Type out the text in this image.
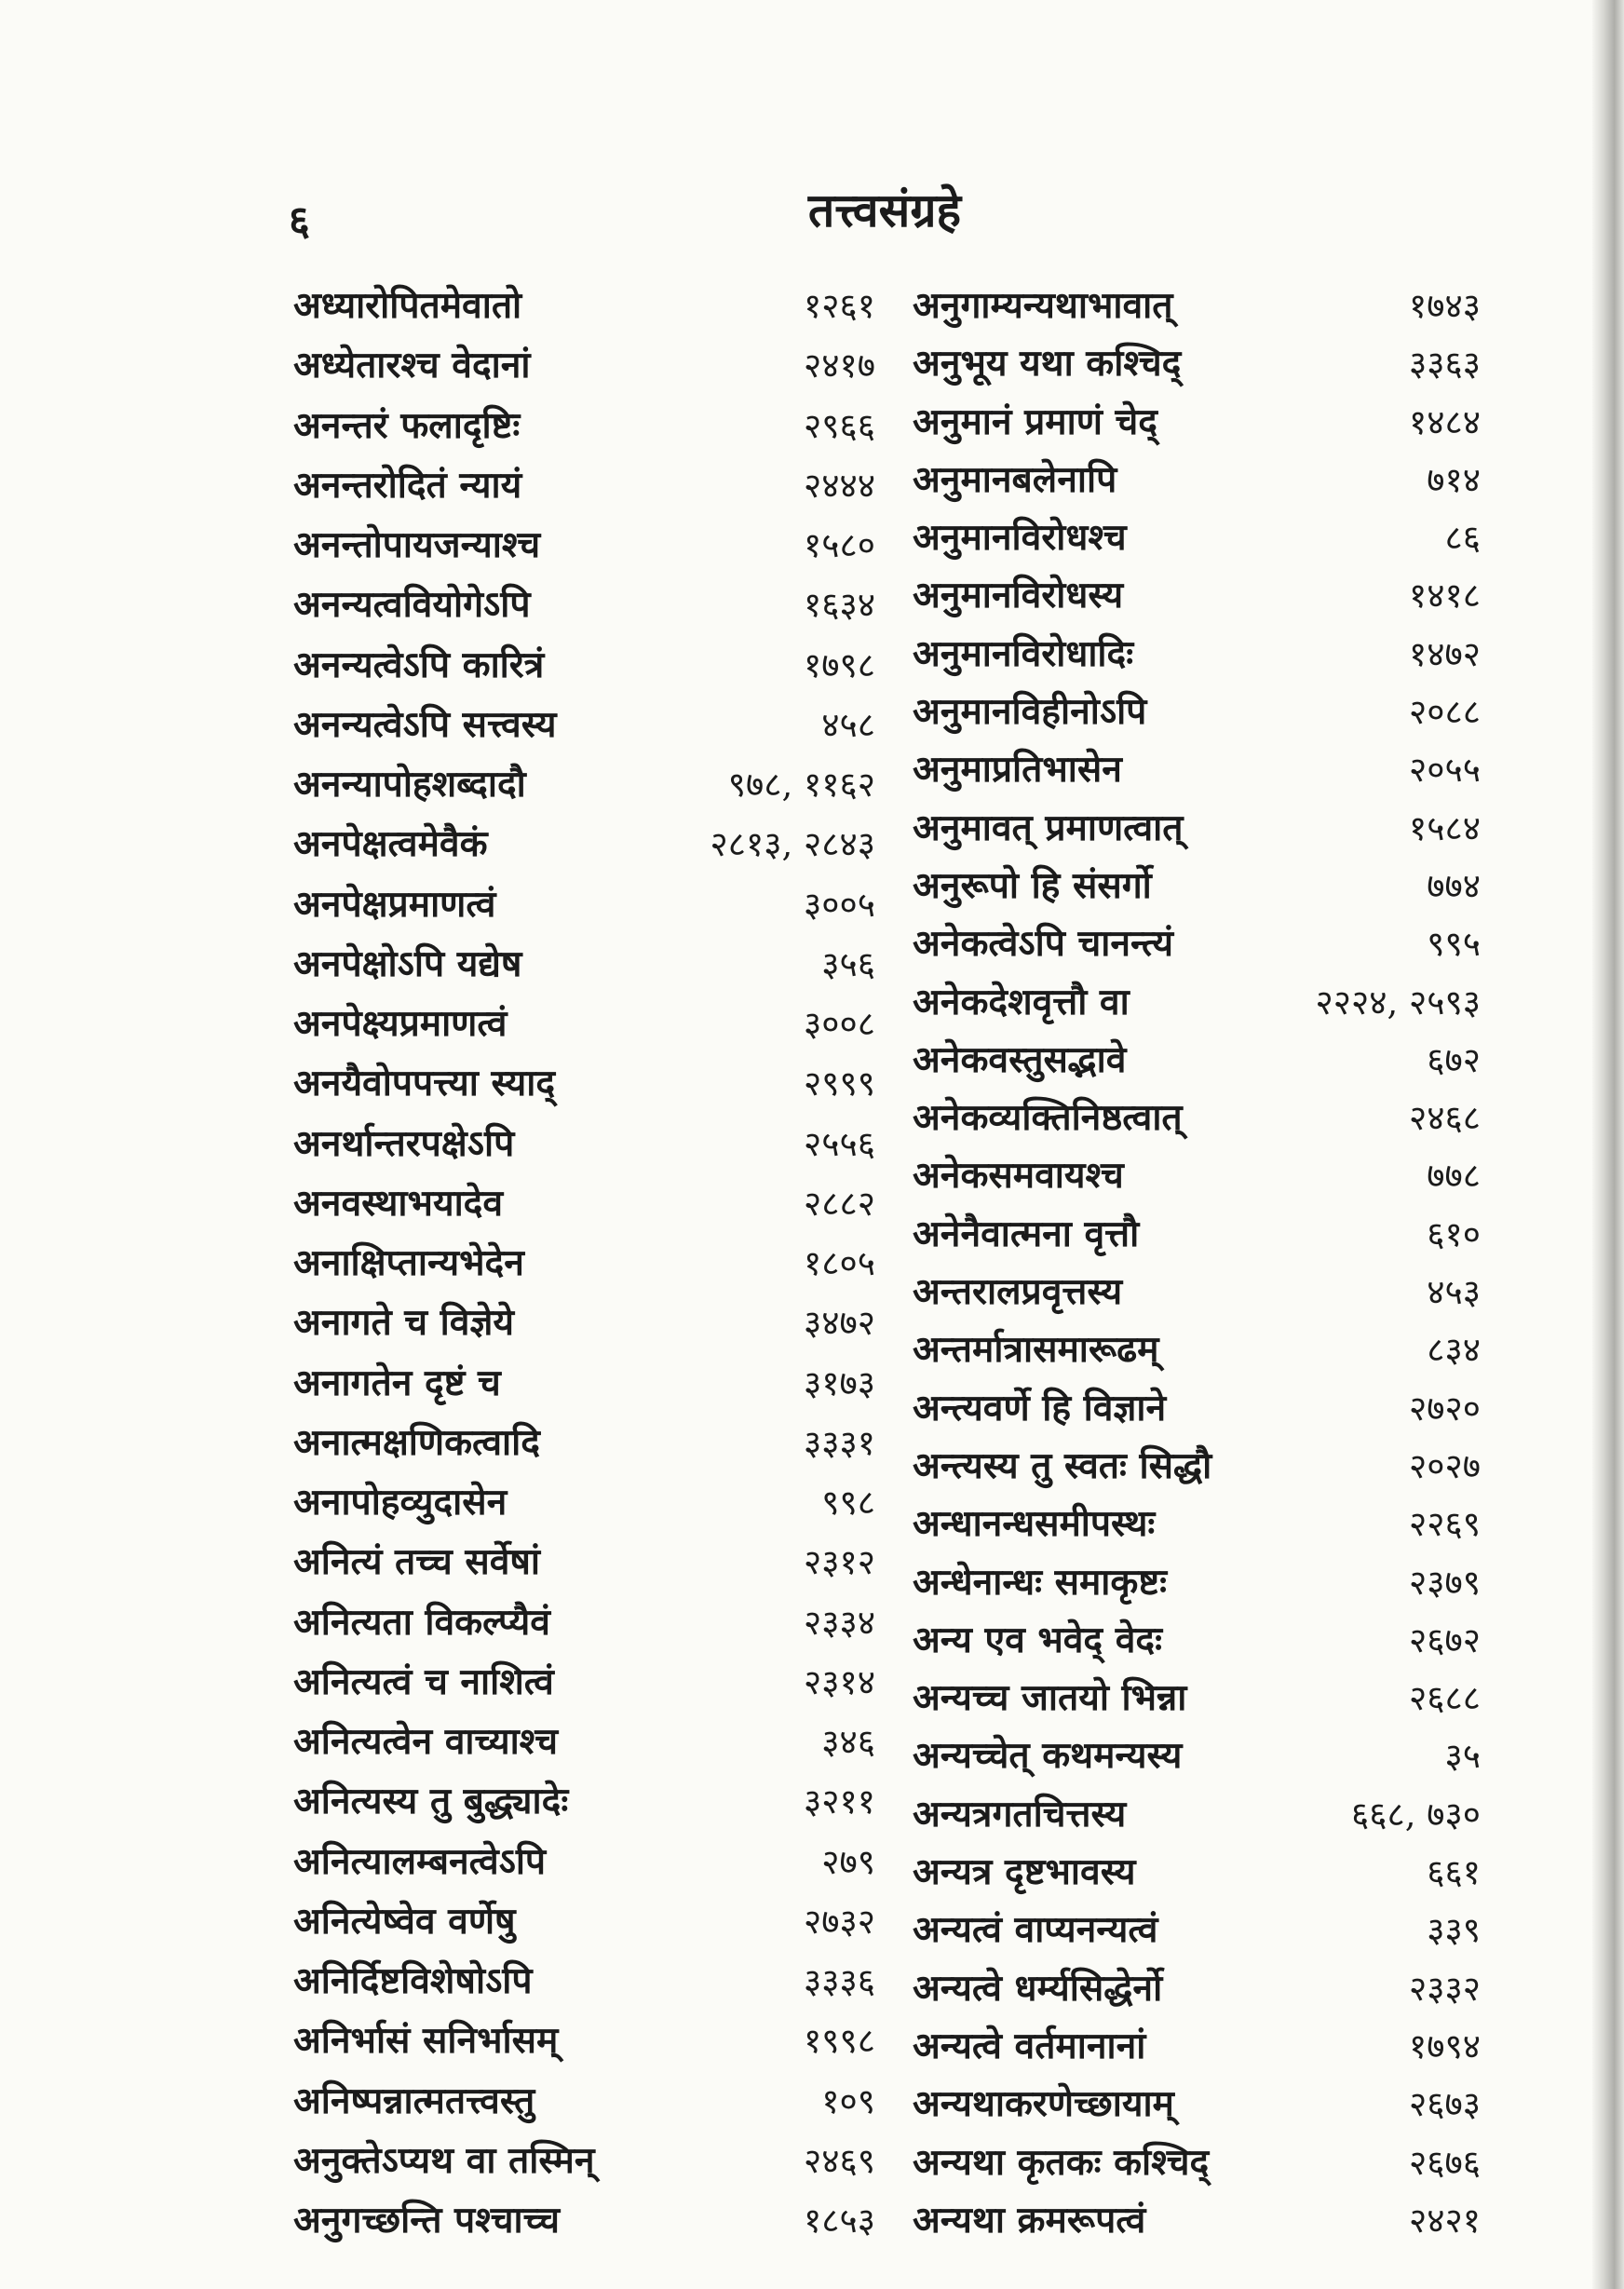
६	तत्त्वसंग्रहे
अध्यारोपितमेवातो	१२६१
अध्येतारश्च वेदानां	२४१७
अनन्तरं फलादृष्टिः	२९६६
अनन्तरोदितं न्यायं	२४४४
अनन्तोपायजन्याश्च	१५८०
अनन्यत्ववियोगेऽपि	१६३४
अनन्यत्वेऽपि कारित्रं	१७९८
अनन्यत्वेऽपि सत्त्वस्य	४५८
अनन्यापोहशब्दादौ	९७८, ११६२
अनपेक्षत्वमेवैकं	२८१३, २८४३
अनपेक्षप्रमाणत्वं	३००५
अनपेक्षोऽपि यद्येष	३५६
अनपेक्ष्यप्रमाणत्वं	३००८
अनयैवोपपत्त्या स्याद्	२९९९
अनर्थान्तरपक्षेऽपि	२५५६
अनवस्थाभयादेव	२८८२
अनाक्षिप्तान्यभेदेन	१८०५
अनागते च विज्ञेये	३४७२
अनागतेन दृष्टं च	३१७३
अनात्मक्षणिकत्वादि	३३३१
अनापोहव्युदासेन	९९८
अनित्यं तच्च सर्वेषां	२३१२
अनित्यता विकल्प्यैवं	२३३४
अनित्यत्वं च नाशित्वं	२३१४
अनित्यत्वेन वाच्याश्च	३४६
अनित्यस्य तु बुद्ध्यादेः	३२११
अनित्यालम्बनत्वेऽपि	२७९
अनित्येष्वेव वर्णेषु	२७३२
अनिर्दिष्टविशेषोऽपि	३३३६
अनिर्भासं सनिर्भासम्	१९९८
अनिष्पन्नात्मतत्त्वस्तु	१०९
अनुक्तेऽप्यथ वा तस्मिन्	२४६९
अनुगच्छन्ति पश्चाच्च	१८५३
अनुगाम्यन्यथाभावात्	१७४३
अनुभूय यथा कश्चिद्	३३६३
अनुमानं प्रमाणं चेद्	१४८४
अनुमानबलेनापि	७१४
अनुमानविरोधश्च	८६
अनुमानविरोधस्य	१४१८
अनुमानविरोधादिः	१४७२
अनुमानविहीनोऽपि	२०८८
अनुमाप्रतिभासेन	२०५५
अनुमावत् प्रमाणत्वात्	१५८४
अनुरूपो हि संसर्गो	७७४
अनेकत्वेऽपि चानन्त्यं	९९५
अनेकदेशवृत्तौ वा	२२२४, २५९३
अनेकवस्तुसद्भावे	६७२
अनेकव्यक्तिनिष्ठत्वात्	२४६८
अनेकसमवायश्च	७७८
अनेनैवात्मना वृत्तौ	६१०
अन्तरालप्रवृत्तस्य	४५३
अन्तर्मात्रासमारूढम्	८३४
अन्त्यवर्णे हि विज्ञाने	२७२०
अन्त्यस्य तु स्वतः सिद्धौ	२०२७
अन्धानन्धसमीपस्थः	२२६९
अन्धेनान्धः समाकृष्टः	२३७९
अन्य एव भवेद् वेदः	२६७२
अन्यच्च जातयो भिन्ना	२६८८
अन्यच्चेत् कथमन्यस्य	३५
अन्यत्रगतचित्तस्य	६६८, ७३०
अन्यत्र दृष्टभावस्य	६६१
अन्यत्वं वाप्यनन्यत्वं	३३९
अन्यत्वे धर्म्यसिद्धेर्नो	२३३२
अन्यत्वे वर्तमानानां	१७९४
अन्यथाकरणेच्छायाम्	२६७३
अन्यथा कृतकः कश्चिद्	२६७६
अन्यथा क्रमरूपत्वं	२४२१
